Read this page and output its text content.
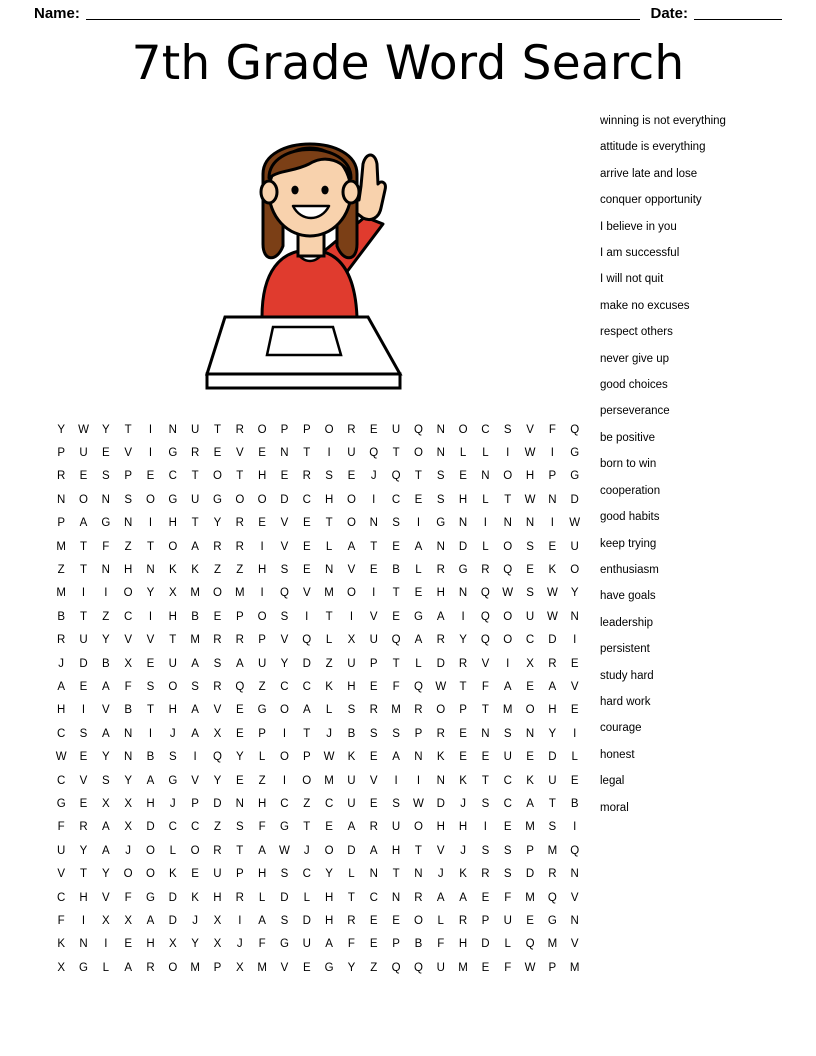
Name:	Date:
7th Grade Word Search
winning is not everything
attitude is everything
arrive late and lose
conquer opportunity
I believe in you
I am successful
I will not quit
make no excuses
respect others
never give up
good choices
perseverance
be positive
born to win
cooperation
good habits
keep trying
enthusiasm
have goals
leadership
persistent
study hard
hard work
courage
honest
legal
moral
Y	W	Y	T	I	N	U	T	R	O	P	P	O	R	E	U	Q	N	O	C	S	V	F	Q
P	U	E	V	I	G	R	E	V	E	N	T	I	U	Q	T	O	N	L	L	I	W	I	G
R	E	S	P	E	C	T	O	T	H	E	R	S	E	J	Q	T	S	E	N	O	H	P	G
N	O	N	S	O	G	U	G	O	O	D	C	H	O	I	C	E	S	H	L	T	W	N	D
P	A	G	N	I	H	T	Y	R	E	V	E	T	O	N	S	I	G	N	I	N	N	I	W
M	T	F	Z	T	O	A	R	R	I	V	E	L	A	T	E	A	N	D	L	O	S	E	U
Z	T	N	H	N	K	K	Z	Z	H	S	E	N	V	E	B	L	R	G	R	Q	E	K	O
M	I	I	O	Y	X	M	O	M	I	Q	V	M	O	I	T	E	H	N	Q	W	S	W	Y
B	T	Z	C	I	H	B	E	P	O	S	I	T	I	V	E	G	A	I	Q	O	U	W	N
R	U	Y	V	V	T	M	R	R	P	V	Q	L	X	U	Q	A	R	Y	Q	O	C	D	I
J	D	B	X	E	U	A	S	A	U	Y	D	Z	U	P	T	L	D	R	V	I	X	R	E
A	E	A	F	S	O	S	R	Q	Z	C	C	K	H	E	F	Q	W	T	F	A	E	A	V
H	I	V	B	T	H	A	V	E	G	O	A	L	S	R	M	R	O	P	T	M	O	H	E
C	S	A	N	I	J	A	X	E	P	I	T	J	B	S	S	P	R	E	N	S	N	Y	I
W	E	Y	N	B	S	I	Q	Y	L	O	P	W	K	E	A	N	K	E	E	U	E	D	L
C	V	S	Y	A	G	V	Y	E	Z	I	O	M	U	V	I	I	N	K	T	C	K	U	E
G	E	X	X	H	J	P	D	N	H	C	Z	C	U	E	S	W	D	J	S	C	A	T	B
F	R	A	X	D	C	C	Z	S	F	G	T	E	A	R	U	O	H	H	I	E	M	S	I
U	Y	A	J	O	L	O	R	T	A	W	J	O	D	A	H	T	V	J	S	S	P	M	Q
V	T	Y	O	O	K	E	U	P	H	S	C	Y	L	N	T	N	J	K	R	S	D	R	N
C	H	V	F	G	D	K	H	R	L	D	L	H	T	C	N	R	A	A	E	F	M	Q	V
F	I	X	X	A	D	J	X	I	A	S	D	H	R	E	E	O	L	R	P	U	E	G	N
K	N	I	E	H	X	Y	X	J	F	G	U	A	F	E	P	B	F	H	D	L	Q	M	V
X	G	L	A	R	O	M	P	X	M	V	E	G	Y	Z	Q	Q	U	M	E	F	W	P	M
